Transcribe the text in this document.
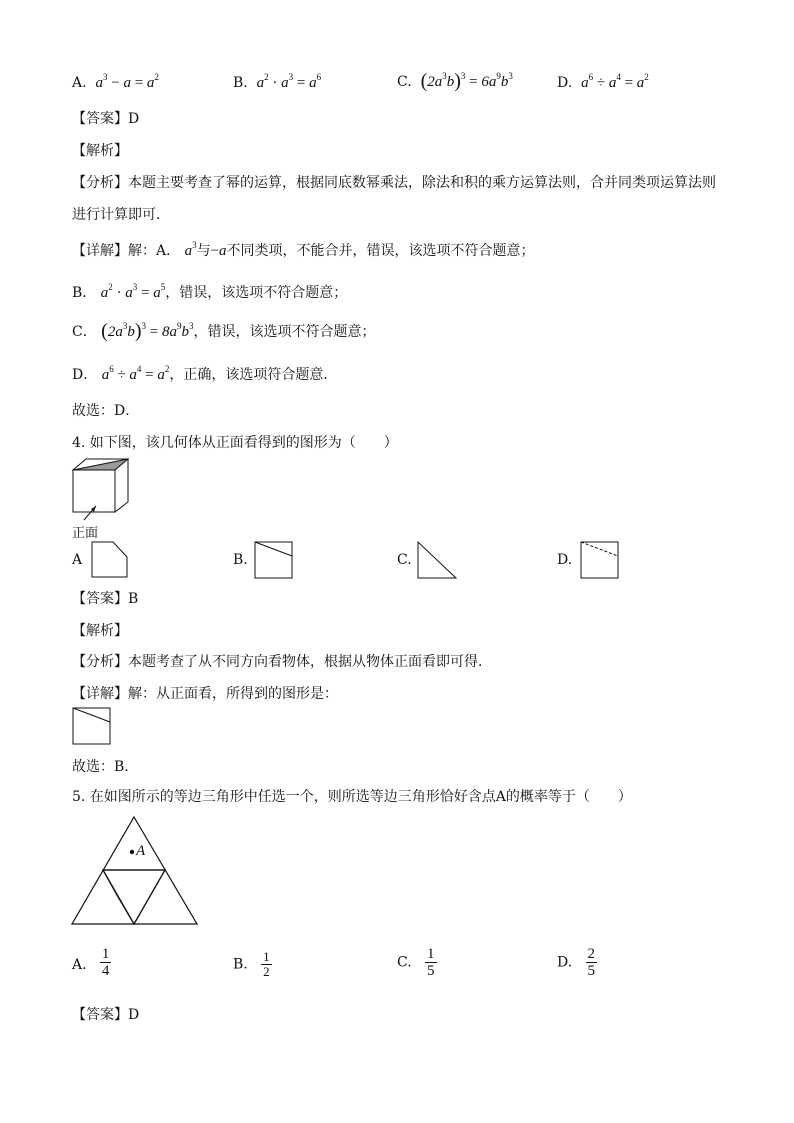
A. $a^3 - a = a^2$	B. $a^2 \cdot a^3 = a^6$	C. $(2a^3b)^3 = 6a^9b^3$	D. $a^6 \div a^4 = a^2$
【答案】D
【解析】
【分析】本题主要考查了幂的运算，根据同底数幂乘法，除法和积的乘方运算法则，合并同类项运算法则
进行计算即可．
【详解】解：A． $a^3$与−a不同类项，不能合并，错误，该选项不符合题意；
B． $a^2 \cdot a^3 = a^5$，错误，该选项不符合题意；
C． $(2a^3b)^3 = 8a^9b^3$，错误，该选项不符合题意；
D． $a^6 \div a^4 = a^2$，正确，该选项符合题意．
故选：D．
4. 如下图，该几何体从正面看得到的图形为（　　）
正面
A	B.	C.	D.
【答案】B
【解析】
【分析】本题考查了从不同方向看物体，根据从物体正面看即可得．
【详解】解：从正面看，所得到的图形是：
故选：B．
5. 在如图所示的等边三角形中任选一个，则所选等边三角形恰好含点A的概率等于（　　）
A
A. $\frac{1}{4}$	B. $\frac{1}{2}$	C. $\frac{1}{5}$	D. $\frac{2}{5}$
【答案】D
